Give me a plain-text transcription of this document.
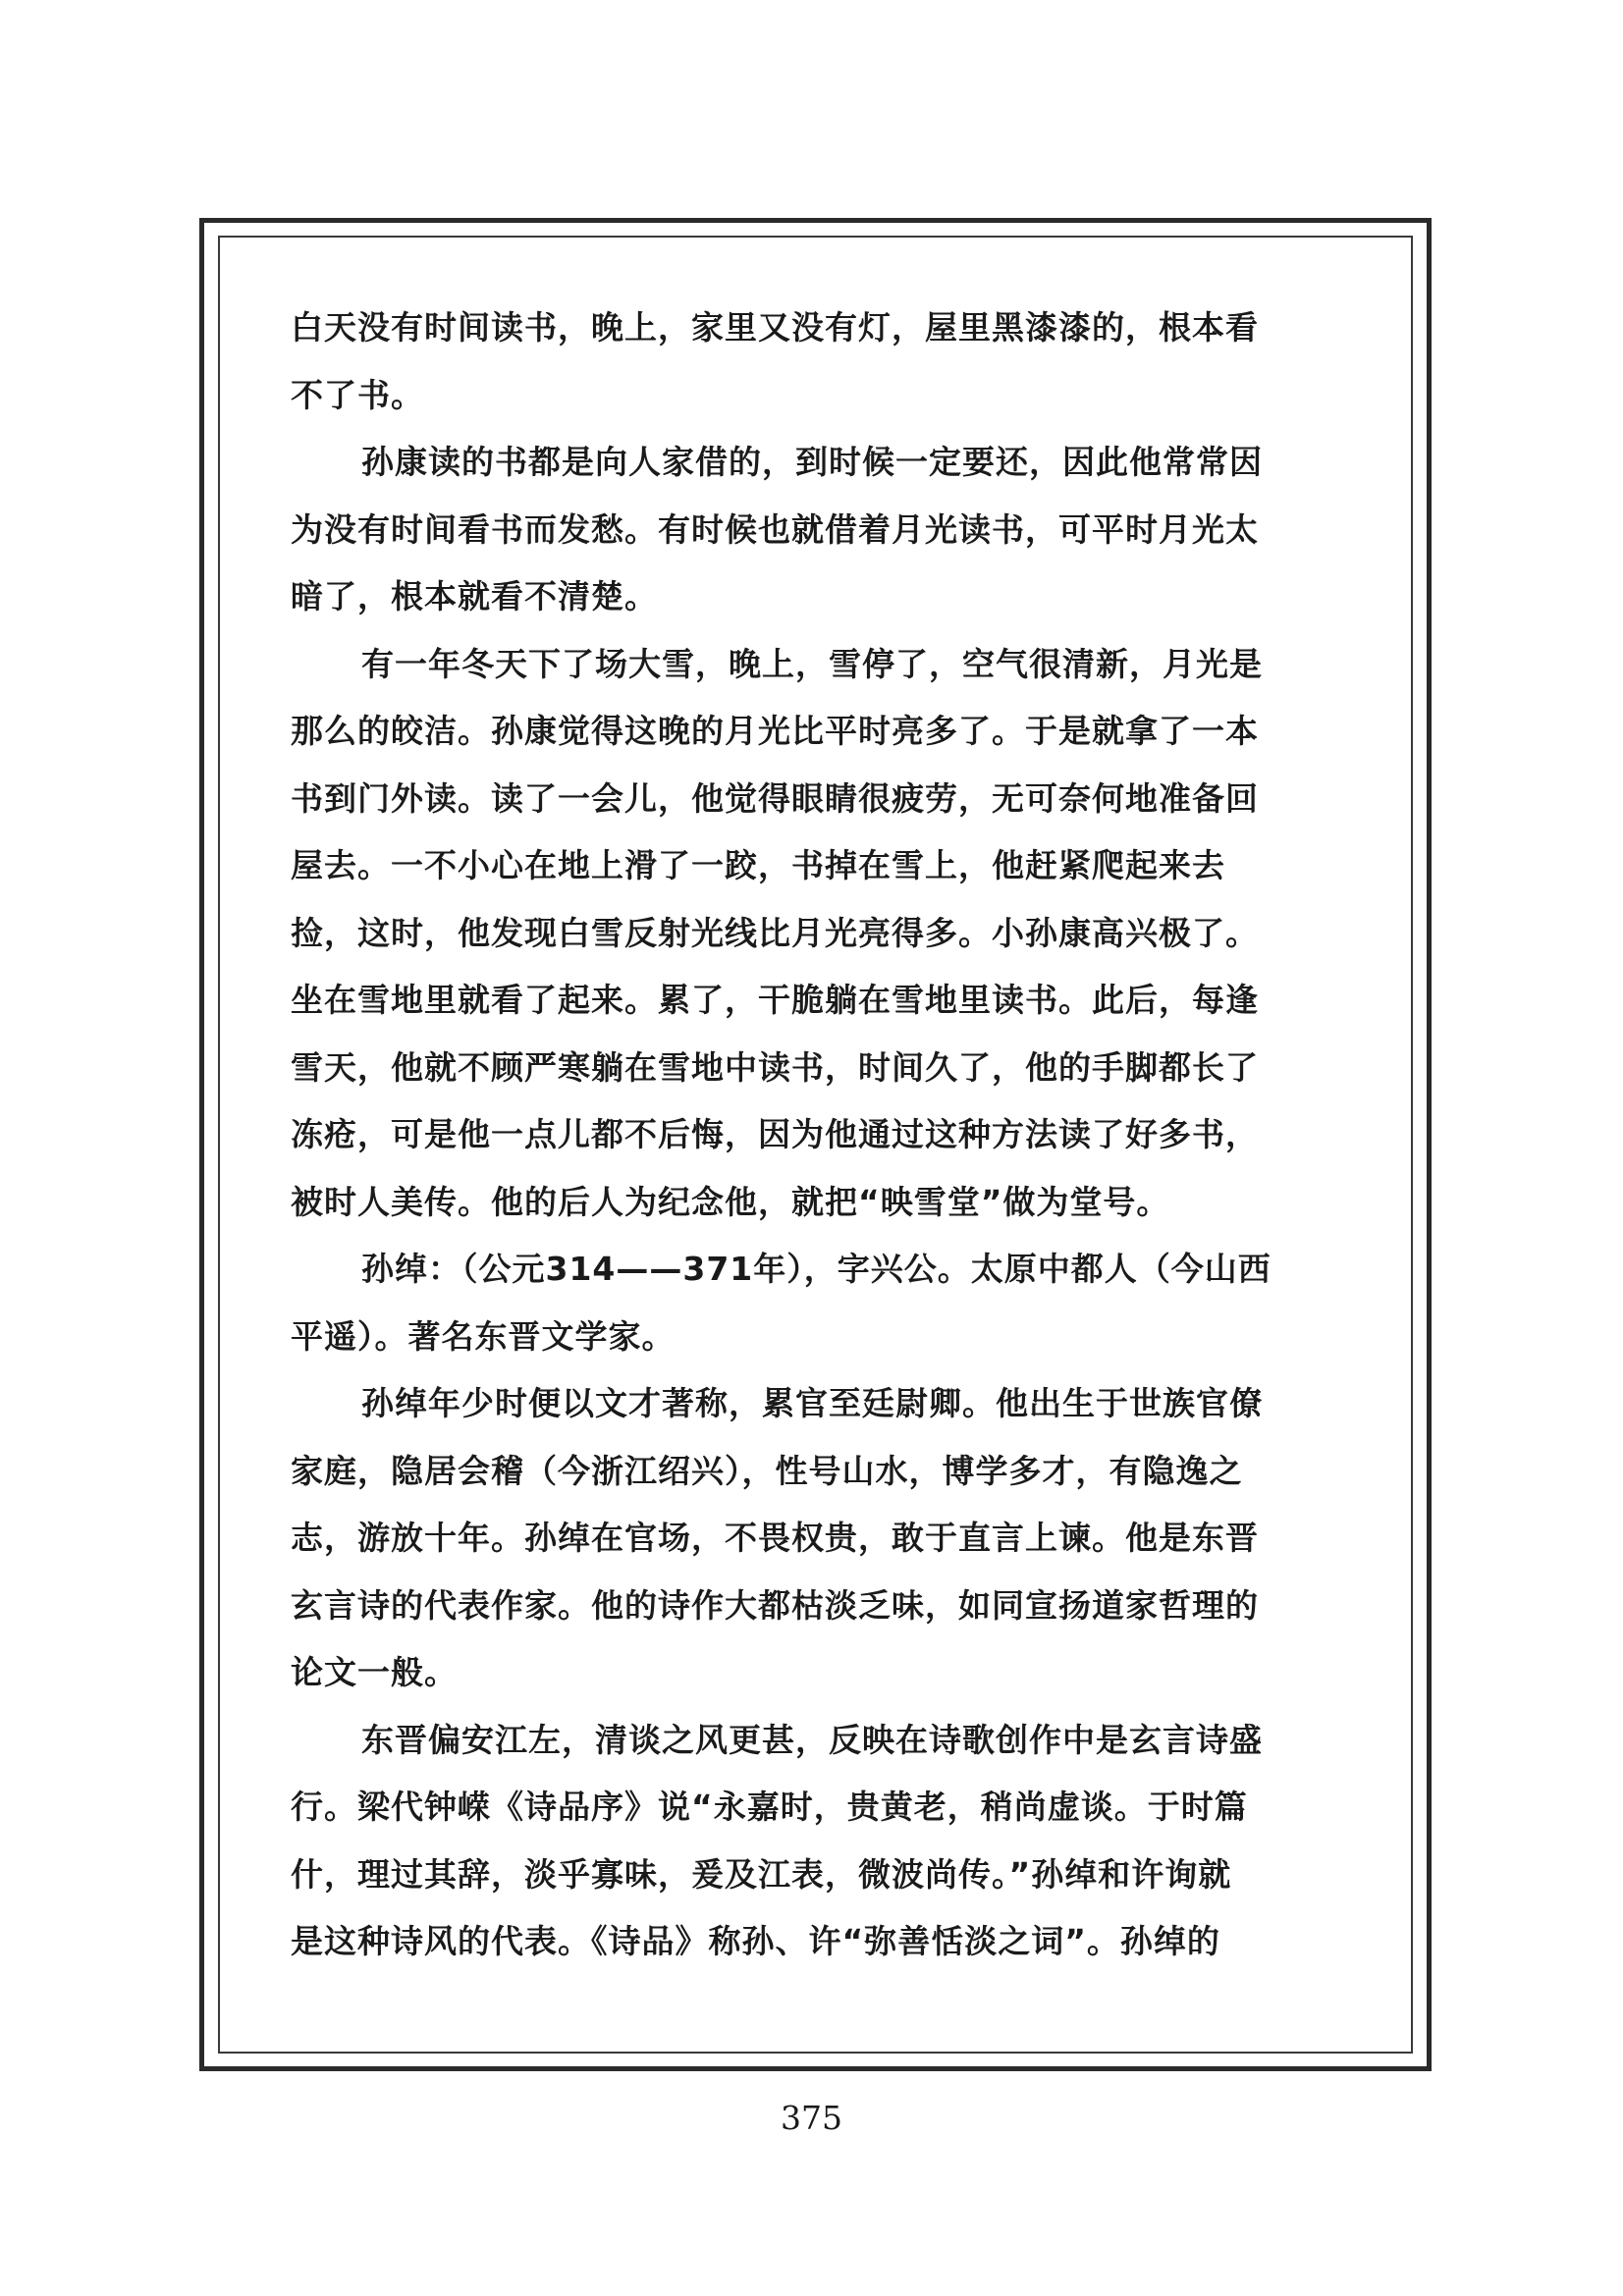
白天没有时间读书，晚上，家里又没有灯，屋里黑漆漆的，根本看
不了书。

孙康读的书都是向人家借的，到时候一定要还，因此他常常因
为没有时间看书而发愁。有时候也就借着月光读书，可平时月光太
暗了，根本就看不清楚。

有一年冬天下了场大雪，晚上，雪停了，空气很清新，月光是
那么的皎洁。孙康觉得这晚的月光比平时亮多了。于是就拿了一本
书到门外读。读了一会儿，他觉得眼睛很疲劳，无可奈何地准备回
屋去。一不小心在地上滑了一跤，书掉在雪上，他赶紧爬起来去
捡，这时，他发现白雪反射光线比月光亮得多。小孙康高兴极了。
坐在雪地里就看了起来。累了，干脆躺在雪地里读书。此后，每逢
雪天，他就不顾严寒躺在雪地中读书，时间久了，他的手脚都长了
冻疮，可是他一点儿都不后悔，因为他通过这种方法读了好多书，
被时人美传。他的后人为纪念他，就把“映雪堂”做为堂号。

孙绰：（公元314——371年），字兴公。太原中都人（今山西
平遥）。著名东晋文学家。

孙绰年少时便以文才著称，累官至廷尉卿。他出生于世族官僚
家庭，隐居会稽（今浙江绍兴），性号山水，博学多才，有隐逸之
志，游放十年。孙绰在官场，不畏权贵，敢于直言上谏。他是东晋
玄言诗的代表作家。他的诗作大都枯淡乏味，如同宣扬道家哲理的
论文一般。

东晋偏安江左，清谈之风更甚，反映在诗歌创作中是玄言诗盛
行。梁代钟嵘《诗品序》说“永嘉时，贵黄老，稍尚虚谈。于时篇
什，理过其辞，淡乎寡味，爰及江表，微波尚传。”孙绰和许询就
是这种诗风的代表。《诗品》称孙、许“弥善恬淡之词”。孙绰的

375
